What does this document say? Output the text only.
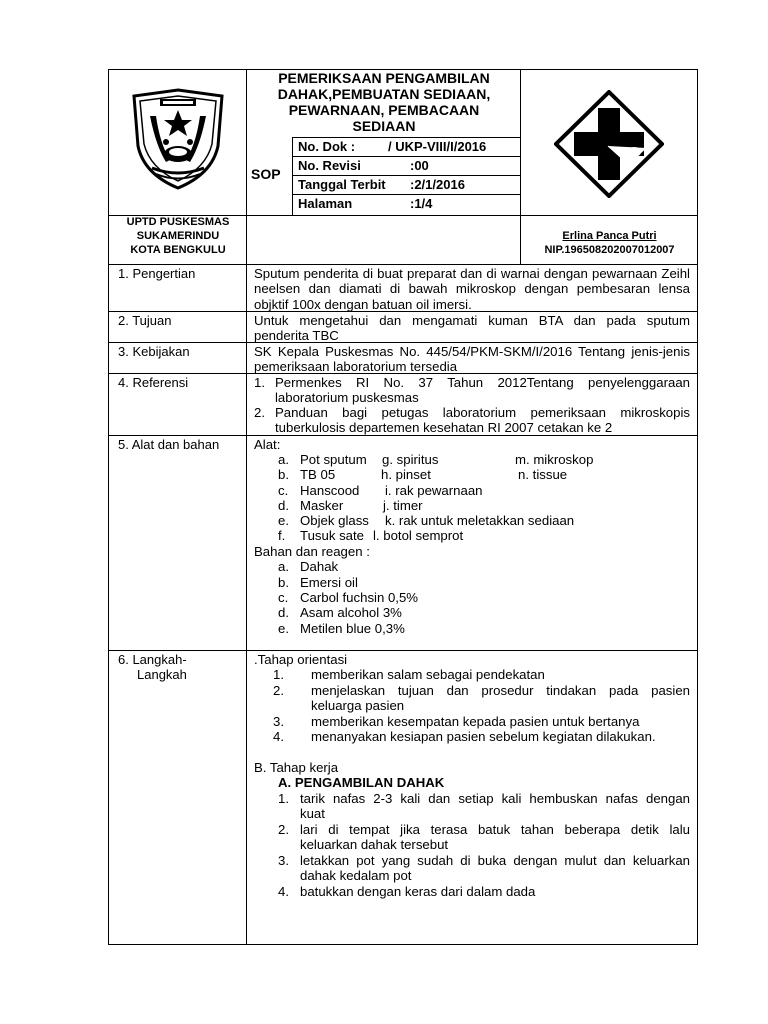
PEMERIKSAAN PENGAMBILAN
DAHAK,PEMBUATAN SEDIAAN,
PEWARNAAN, PEMBACAAN
SEDIAAN
SOP
No. Dok :	/ UKP-VIII/I/2016
No. Revisi	:00
Tanggal Terbit :2/1/2016
Halaman	:1/4
UPTD PUSKESMAS
SUKAMERINDU
KOTA BENGKULU
Erlina Panca Putri
NIP.196508202007012007
1. Pengertian	Sputum penderita di buat preparat dan di warnai dengan pewarnaan Zeihl neelsen dan diamati di bawah mikroskop dengan pembesaran lensa objktif 100x dengan batuan oil imersi.

2. Tujuan	Untuk mengetahui dan mengamati kuman BTA dan pada sputum penderita TBC

3. Kebijakan	SK Kepala Puskesmas No. 445/54/PKM-SKM/I/2016 Tentang jenis-jenis pemeriksaan laboratorium tersedia

4. Referensi	1. Permenkes RI No. 37 Tahun 2012Tentang penyelenggaraan
laboratorium puskesmas
2. Panduan bagi petugas laboratorium pemeriksaan mikroskopis
tuberkulosis departemen kesehatan RI 2007 cetakan ke 2
5. Alat dan bahan	Alat:
a. Pot sputum g. spiritus	m. mikroskop
b. TB 05	h. pinset	n. tissue
c. Hanscood i. rak pewarnaan
d. Masker	j. timer
e. Objek glass k. rak untuk meletakkan sediaan
f. Tusuk sate l. botol semprot
Bahan dan reagen :
a. Dahak
b. Emersi oil
c. Carbol fuchsin 0,5%
d. Asam alcohol 3%
e. Metilen blue 0,3%
6. Langkah-
Langkah
.Tahap orientasi
1. memberikan salam sebagai pendekatan
2. menjelaskan tujuan dan prosedur tindakan pada pasien
keluarga pasien
3. memberikan kesempatan kepada pasien untuk bertanya
4. menanyakan kesiapan pasien sebelum kegiatan dilakukan.
B. Tahap kerja
A. PENGAMBILAN DAHAK
1. tarik nafas 2-3 kali dan setiap kali hembuskan nafas dengan
kuat
2. lari di tempat jika terasa batuk tahan beberapa detik lalu
keluarkan dahak tersebut
3. letakkan pot yang sudah di buka dengan mulut dan keluarkan
dahak kedalam pot
4. batukkan dengan keras dari dalam dada
